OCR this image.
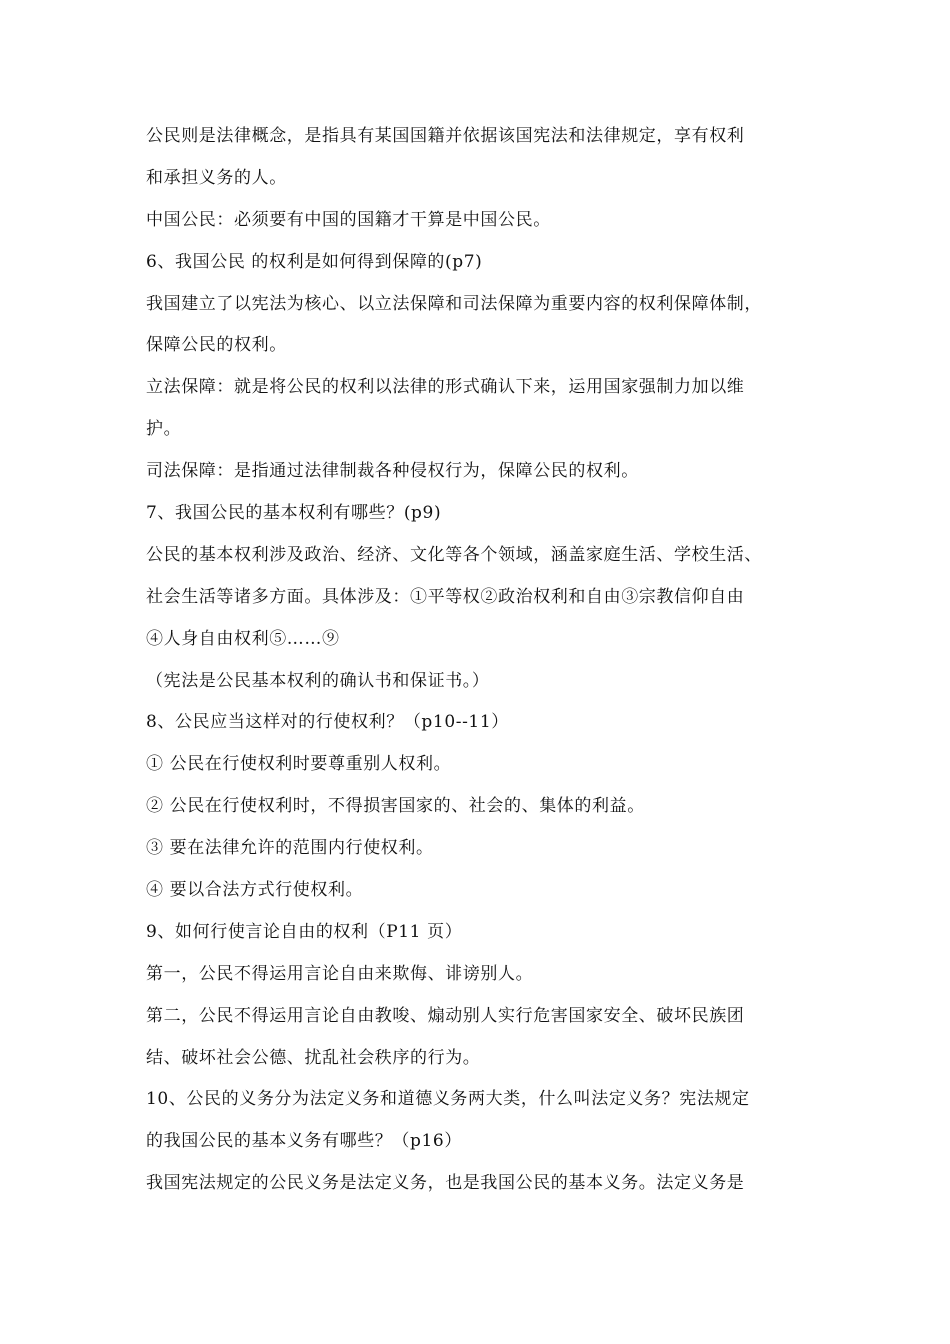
公民则是法律概念，是指具有某国国籍并依据该国宪法和法律规定，享有权利
和承担义务的人。
中国公民：必须要有中国的国籍才干算是中国公民。
6、我国公民 的权利是如何得到保障的(p7)
我国建立了以宪法为核心、以立法保障和司法保障为重要内容的权利保障体制，
保障公民的权利。
立法保障：就是将公民的权利以法律的形式确认下来，运用国家强制力加以维
护。
司法保障：是指通过法律制裁各种侵权行为，保障公民的权利。
7、我国公民的基本权利有哪些？(p9)
公民的基本权利涉及政治、经济、文化等各个领域，涵盖家庭生活、学校生活、
社会生活等诸多方面。具体涉及：①平等权②政治权利和自由③宗教信仰自由
④人身自由权利⑤……⑨
（宪法是公民基本权利的确认书和保证书。）
8、公民应当这样对的行使权利？（p10--11）
① 公民在行使权利时要尊重别人权利。
② 公民在行使权利时，不得损害国家的、社会的、集体的利益。
③ 要在法律允许的范围内行使权利。
④ 要以合法方式行使权利。
9、如何行使言论自由的权利（P11 页）
第一，公民不得运用言论自由来欺侮、诽谤别人。
第二，公民不得运用言论自由教唆、煽动别人实行危害国家安全、破坏民族团
结、破坏社会公德、扰乱社会秩序的行为。
10、公民的义务分为法定义务和道德义务两大类，什么叫法定义务？宪法规定
的我国公民的基本义务有哪些？（p16）
我国宪法规定的公民义务是法定义务，也是我国公民的基本义务。法定义务是
